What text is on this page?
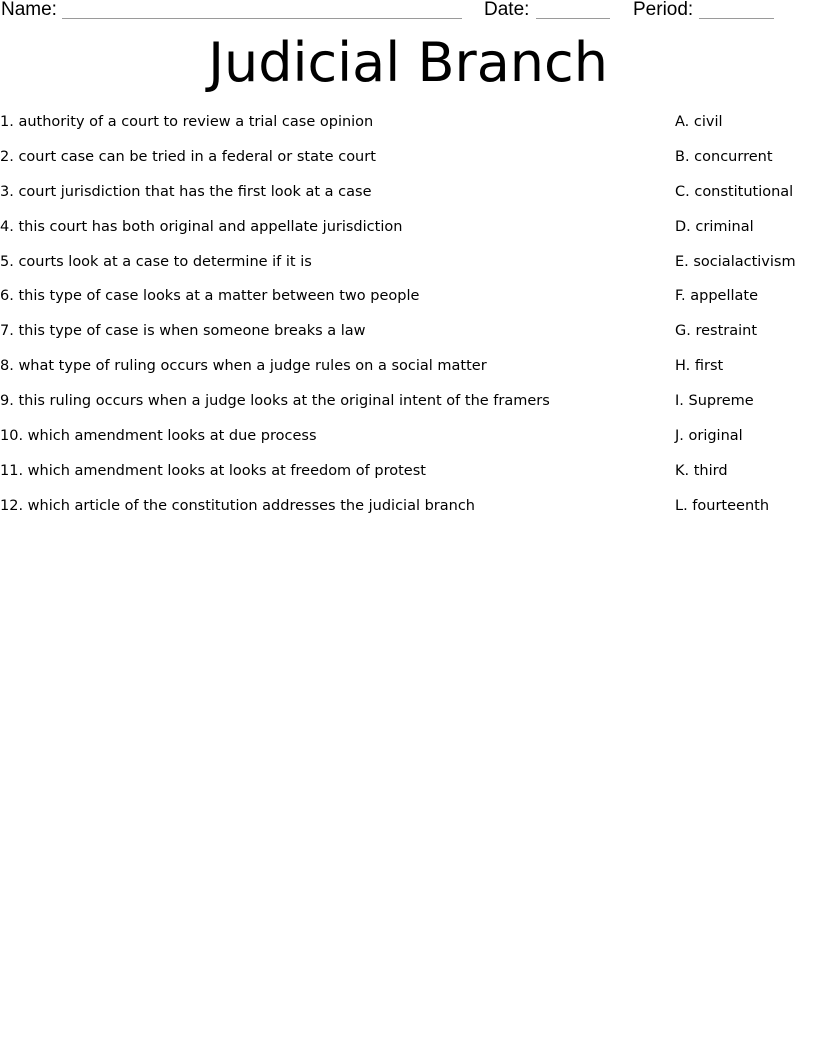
Name:	Date:	Period:
Judicial Branch
1. authority of a court to review a trial case opinion
2. court case can be tried in a federal or state court
3. court jurisdiction that has the first look at a case
4. this court has both original and appellate jurisdiction
5. courts look at a case to determine if it is
6. this type of case looks at a matter between two people
7. this type of case is when someone breaks a law
8. what type of ruling occurs when a judge rules on a social matter
9. this ruling occurs when a judge looks at the original intent of the framers
10. which amendment looks at due process
11. which amendment looks at looks at freedom of protest
12. which article of the constitution addresses the judicial branch
A. civil
B. concurrent
C. constitutional
D. criminal
E. socialactivism
F. appellate
G. restraint
H. first
I. Supreme
J. original
K. third
L. fourteenth
